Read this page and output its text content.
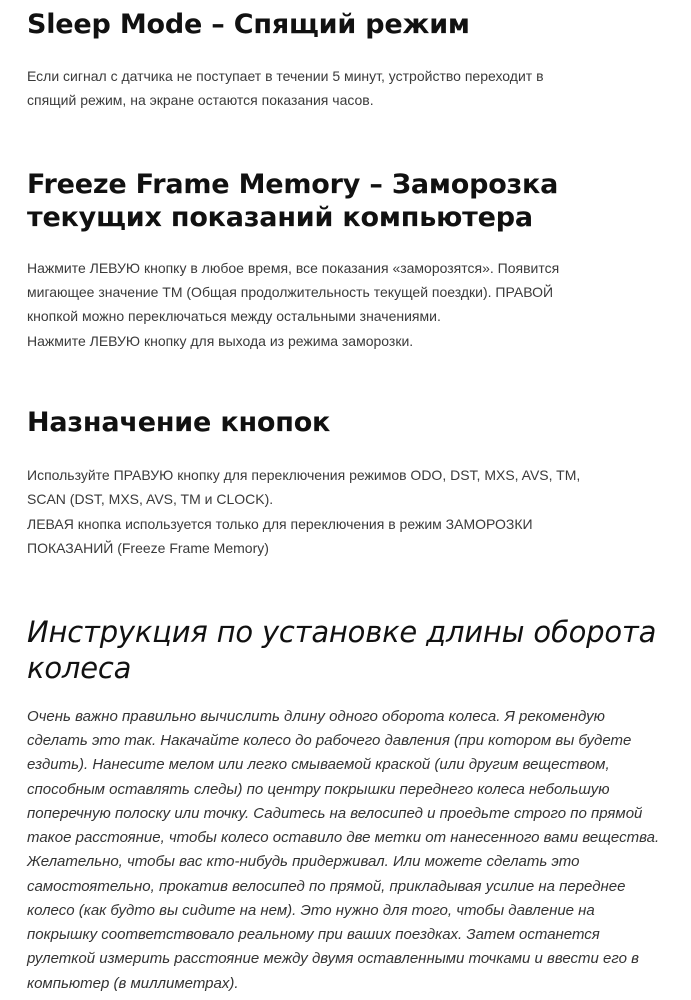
Sleep Mode – Спящий режим

Если сигнал с датчика не поступает в течении 5 минут, устройство переходит в

спящий режим, на экране остаются показания часов.

Freeze Frame Memory – Заморозка
текущих показаний компьютера

Нажмите ЛЕВУЮ кнопку в любое время, все показания «заморозятся». Появится

мигающее значение ТМ (Общая продолжительность текущей поездки). ПРАВОЙ

кнопкой можно переключаться между остальными значениями.

Нажмите ЛЕВУЮ кнопку для выхода из режима заморозки.

Назначение кнопок

Используйте ПРАВУЮ кнопку для переключения режимов ODO, DST, MXS, AVS, TM,

SCAN (DST, MXS, AVS, TM и CLOCK).

ЛЕВАЯ кнопка используется только для переключения в режим ЗАМОРОЗКИ

ПОКАЗАНИЙ (Freeze Frame Memory)

Инструкция по установке длины оборота
колеса

Очень важно правильно вычислить длину одного оборота колеса. Я рекомендую

сделать это так. Накачайте колесо до рабочего давления (при котором вы будете

ездить). Нанесите мелом или легко смываемой краской (или другим веществом,

способным оставлять следы) по центру покрышки переднего колеса небольшую

поперечную полоску или точку. Садитесь на велосипед и проедьте строго по прямой

такое расстояние, чтобы колесо оставило две метки от нанесенного вами вещества.

Желательно, чтобы вас кто-нибудь придерживал. Или можете сделать это

самостоятельно, прокатив велосипед по прямой, прикладывая усилие на переднее

колесо (как будто вы сидите на нем). Это нужно для того, чтобы давление на

покрышку соответствовало реальному при ваших поездках. Затем останется

рулеткой измерить расстояние между двумя оставленными точками и ввести его в

компьютер (в миллиметрах).
